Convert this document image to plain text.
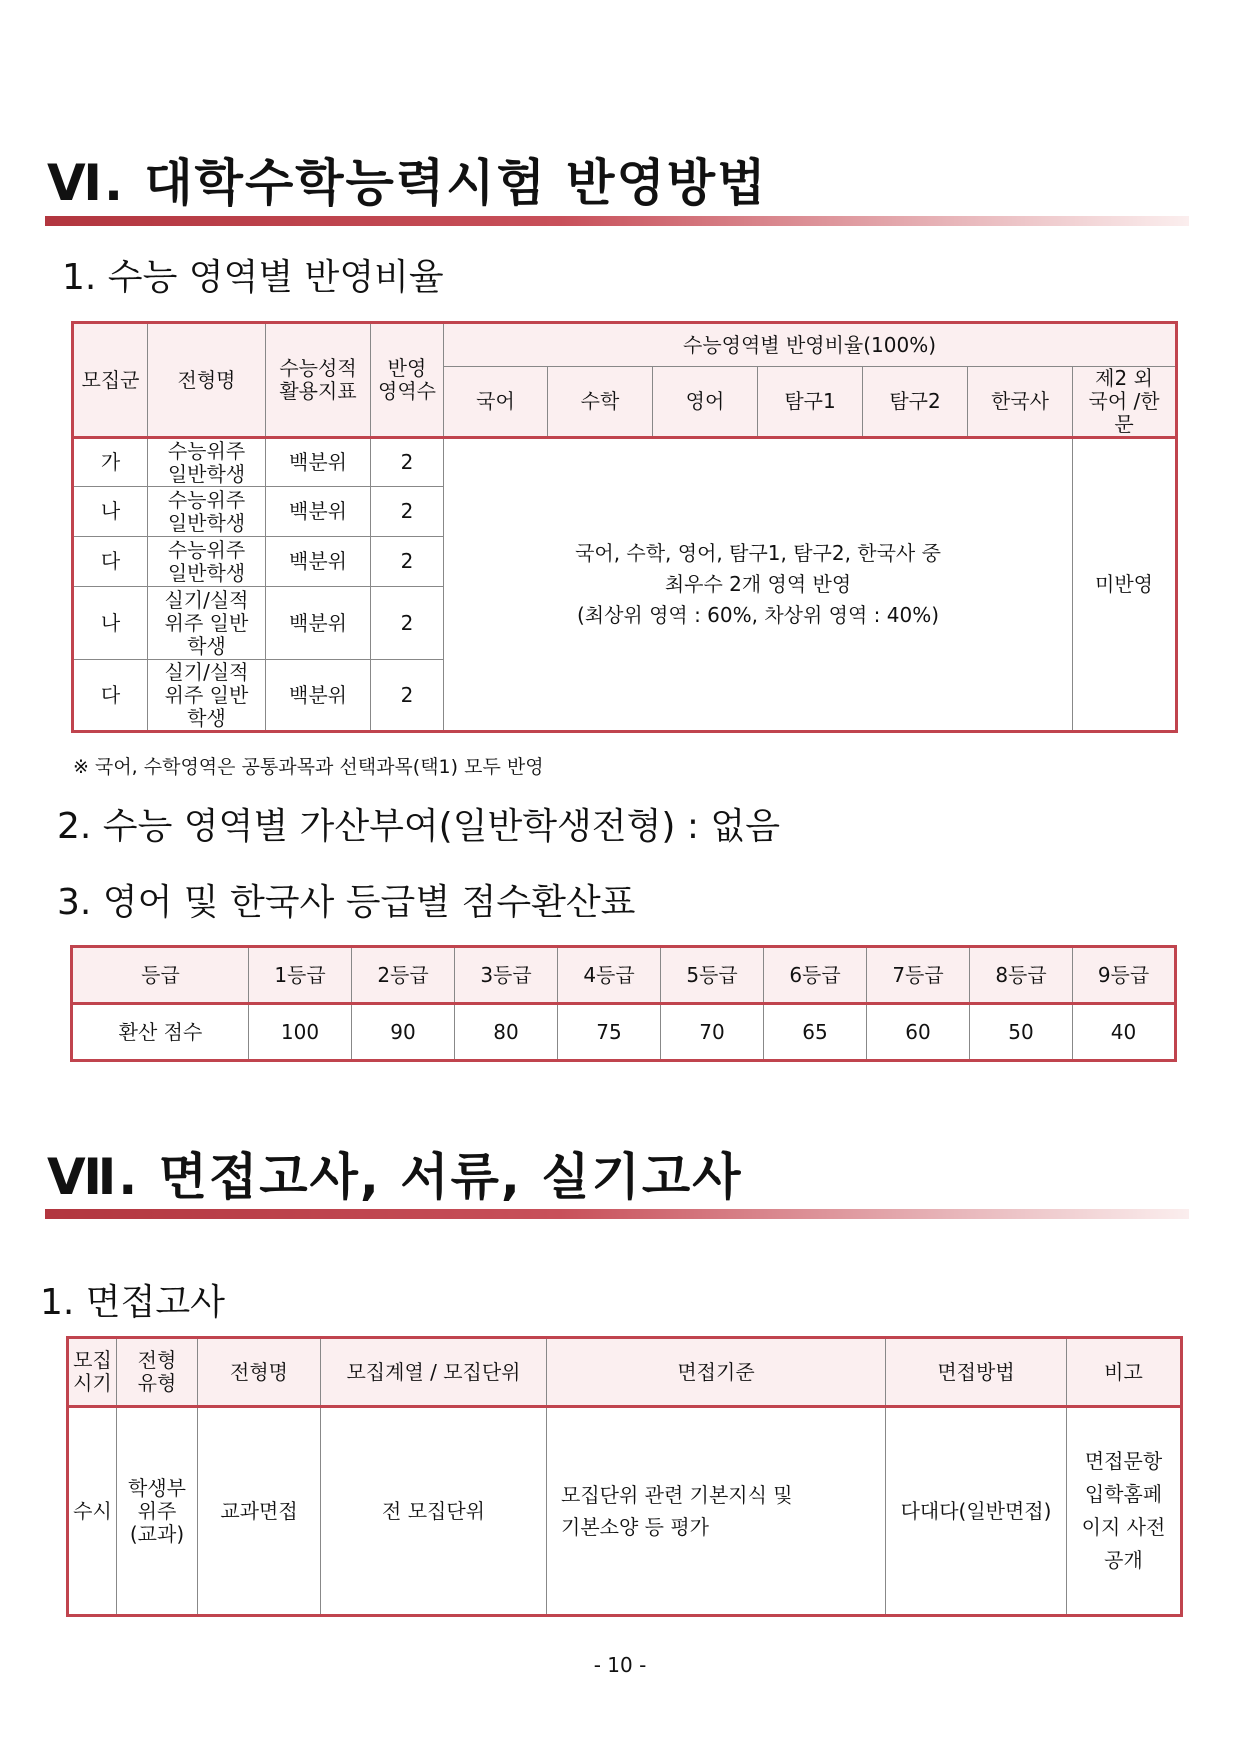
Ⅵ. 대학수학능력시험 반영방법
1. 수능 영역별 반영비율
모집군	전형명	수능성적 활용지표	반영 영역수	수능영역별 반영비율(100%)						
				국어	수학	영어	탐구1	탐구2	한국사	제2 외국어 /한문
가	수능위주 일반학생	백분위	2	국어, 수학, 영어, 탐구1, 탐구2, 한국사 중
최우수 2개 영역 반영
(최상위 영역 : 60%, 차상위 영역 : 40%)						미반영
나	수능위주 일반학생	백분위	2							
다	수능위주 일반학생	백분위	2							
나	실기/실적 위주 일반학생	백분위	2							
다	실기/실적 위주 일반학생	백분위	2							
※ 국어, 수학영역은 공통과목과 선택과목(택1) 모두 반영
2. 수능 영역별 가산부여(일반학생전형) : 없음
3. 영어 및 한국사 등급별 점수환산표
등급	1등급	2등급	3등급	4등급	5등급	6등급	7등급	8등급	9등급
환산 점수	100	90	80	75	70	65	60	50	40
Ⅶ. 면접고사, 서류, 실기고사
1. 면접고사
모집 시기	전형 유형	전형명	모집계열 / 모집단위	면접기준	면접방법	비고
수시	학생부 위주 (교과)	교과면접	전 모집단위	모집단위 관련 기본지식 및
기본소양 등 평가	다대다(일반면접)	면접문항 입학홈페 이지 사전공개
- 10 -
